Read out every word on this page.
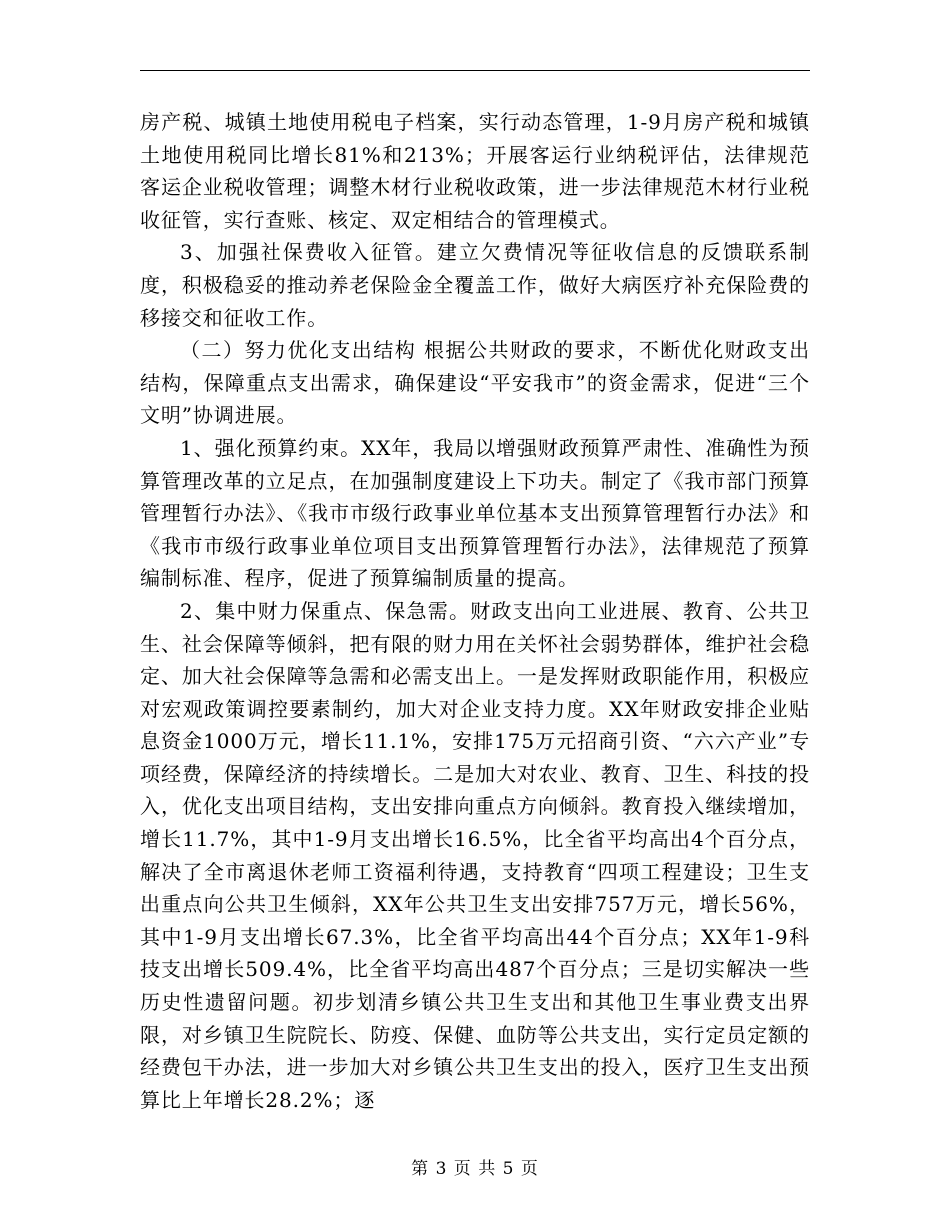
房产税、城镇土地使用税电子档案，实行动态管理，1-9月房产税和城镇土地使用税同比增长81%和213%；开展客运行业纳税评估，法律规范客运企业税收管理；调整木材行业税收政策，进一步法律规范木材行业税收征管，实行查账、核定、双定相结合的管理模式。

3、加强社保费收入征管。建立欠费情况等征收信息的反馈联系制度，积极稳妥的推动养老保险金全覆盖工作，做好大病医疗补充保险费的移接交和征收工作。

（二）努力优化支出结构 根据公共财政的要求，不断优化财政支出结构，保障重点支出需求，确保建设“平安我市”的资金需求，促进“三个文明”协调进展。

1、强化预算约束。XX年，我局以增强财政预算严肃性、准确性为预算管理改革的立足点，在加强制度建设上下功夫。制定了《我市部门预算管理暂行办法》、《我市市级行政事业单位基本支出预算管理暂行办法》和《我市市级行政事业单位项目支出预算管理暂行办法》，法律规范了预算编制标准、程序，促进了预算编制质量的提高。

2、集中财力保重点、保急需。财政支出向工业进展、教育、公共卫生、社会保障等倾斜，把有限的财力用在关怀社会弱势群体，维护社会稳定、加大社会保障等急需和必需支出上。一是发挥财政职能作用，积极应对宏观政策调控要素制约，加大对企业支持力度。XX年财政安排企业贴息资金1000万元，增长11.1%，安排175万元招商引资、“六六产业”专项经费，保障经济的持续增长。二是加大对农业、教育、卫生、科技的投入，优化支出项目结构，支出安排向重点方向倾斜。教育投入继续增加，增长11.7%，其中1-9月支出增长16.5%，比全省平均高出4个百分点，解决了全市离退休老师工资福利待遇，支持教育“四项工程建设；卫生支出重点向公共卫生倾斜，XX年公共卫生支出安排757万元，增长56%，其中1-9月支出增长67.3%，比全省平均高出44个百分点；XX年1-9科技支出增长509.4%，比全省平均高出487个百分点；三是切实解决一些历史性遗留问题。初步划清乡镇公共卫生支出和其他卫生事业费支出界限，对乡镇卫生院院长、防疫、保健、血防等公共支出，实行定员定额的经费包干办法，进一步加大对乡镇公共卫生支出的投入，医疗卫生支出预算比上年增长28.2%；逐

第 3 页 共 5 页
